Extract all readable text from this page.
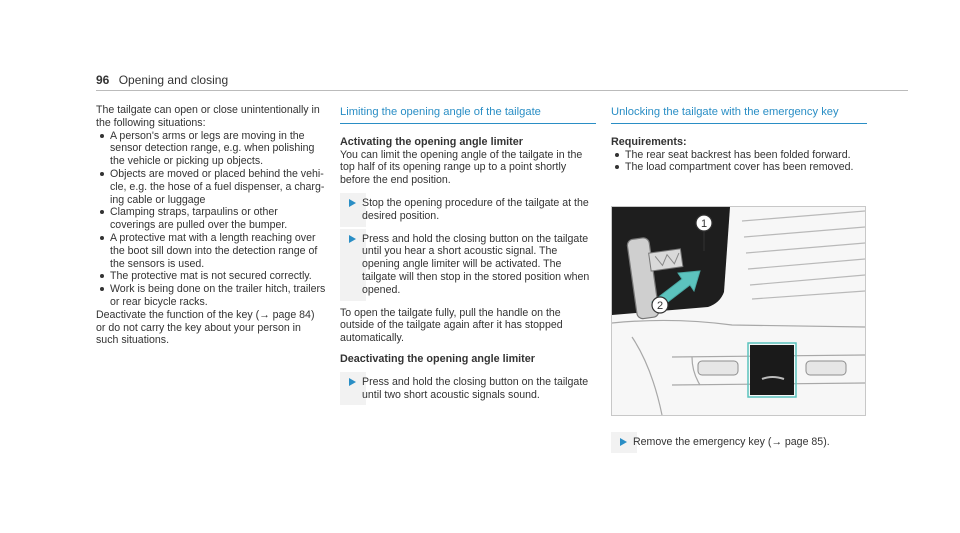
96 Opening and closing

The tailgate can open or close unintentionally in the following situations:

A person's arms or legs are moving in the sensor detection range, e.g. when polishing the vehicle or picking up objects.
Objects are moved or placed behind the vehicle, e.g. the hose of a fuel dispenser, a charging cable or luggage
Clamping straps, tarpaulins or other coverings are pulled over the bumper.
A protective mat with a length reaching over the boot sill down into the detection range of the sensors is used.
The protective mat is not secured correctly.
Work is being done on the trailer hitch, trailers or rear bicycle racks.

Deactivate the function of the key (→ page 84) or do not carry the key about your person in such situations.

Limiting the opening angle of the tailgate
Activating the opening angle limiter

You can limit the opening angle of the tailgate in the top half of its opening range up to a point shortly before the end position.

Stop the opening procedure of the tailgate at the desired position.
Press and hold the closing button on the tailgate until you hear a short acoustic signal. The opening angle limiter will be activated. The tailgate will then stop in the stored position when opened.

To open the tailgate fully, pull the handle on the outside of the tailgate again after it has stopped automatically.

Deactivating the opening angle limiter
Press and hold the closing button on the tailgate until two short acoustic signals sound.
Unlocking the tailgate with the emergency key
Requirements:
The rear seat backrest has been folded forward.
The load compartment cover has been removed.
1
2
Remove the emergency key (→ page 85).
